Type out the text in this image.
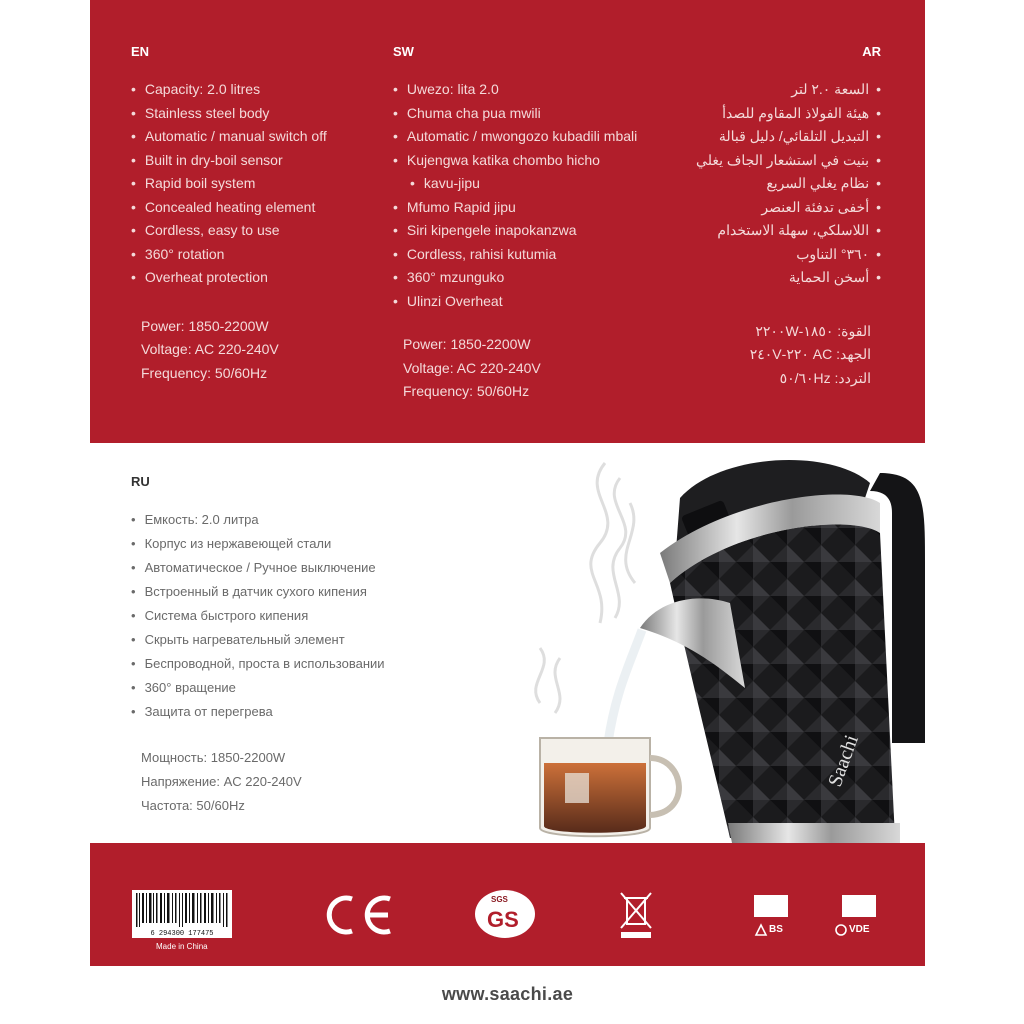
EN
• Capacity: 2.0 litres
• Stainless steel body
• Automatic / manual switch off
• Built in dry-boil sensor
• Rapid boil system
• Concealed heating element
• Cordless, easy to use
• 360° rotation
• Overheat protection
Power: 1850-2200W
Voltage: AC 220-240V
Frequency: 50/60Hz
SW
• Uwezo: lita 2.0
• Chuma cha pua mwili
• Automatic / mwongozo kubadili mbali
• Kujengwa katika chombo hicho
• kavu-jipu
• Mfumo Rapid jipu
• Siri kipengele inapokanzwa
• Cordless, rahisi kutumia
• 360° mzunguko
• Ulinzi Overheat
Power: 1850-2200W
Voltage: AC 220-240V
Frequency: 50/60Hz
AR
• السعة ٢.٠ لتر
• هيئة الفولاذ المقاوم للصدأ
• التبديل التلقائي/ دليل قبالة
• بنيت في استشعار الجاف يغلي
• نظام يغلي السريع
• أخفى تدفئة العنصر
• اللاسلكي، سهلة الاستخدام
• ٣٦٠° التناوب
• أسخن الحماية
القوة: ١٨٥٠-٢٢٠٠W
الجهد: AC ٢٢٠-٢٤٠V
التردد: ٥٠/٦٠Hz
RU
• Емкость: 2.0 литра
• Корпус из нержавеющей стали
• Автоматическое / Ручное выключение
• Встроенный в датчик сухого кипения
• Система быстрого кипения
• Скрыть нагревательный элемент
• Беспроводной, проста в использовании
• 360° вращение
• Защита от перегрева
Мощность: 1850-2200W
Напряжение: AC 220-240V
Частота: 50/60Hz
Saachi
6 294300 177475
Made in China
SGS
GS	BS	VDE
www.saachi.ae
